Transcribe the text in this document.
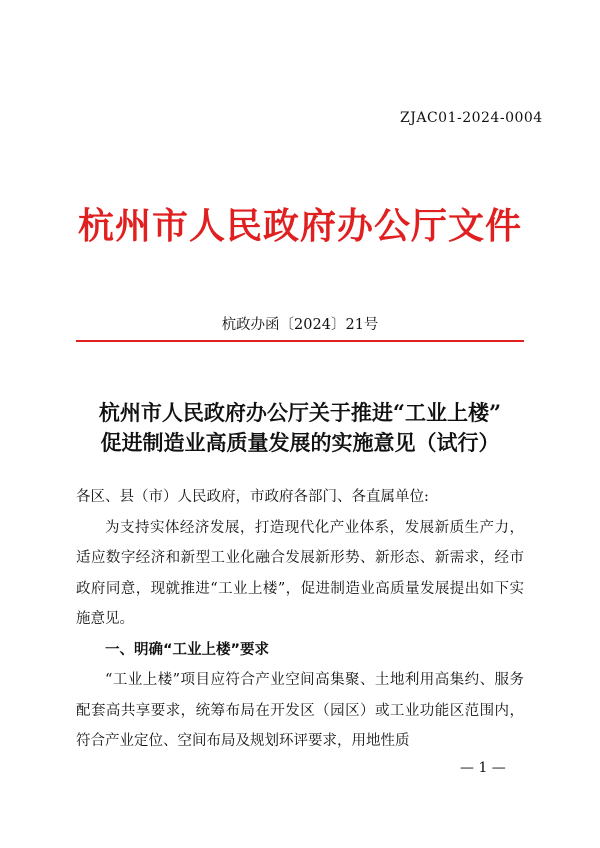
ZJAC01-2024-0004
杭州市人民政府办公厅文件
杭政办函〔2024〕21号
杭州市人民政府办公厅关于推进“工业上楼”
促进制造业高质量发展的实施意见（试行）

各区、县（市）人民政府，市政府各部门、各直属单位:

为支持实体经济发展，打造现代化产业体系，发展新质生产力，适应数字经济和新型工业化融合发展新形势、新形态、新需求，经市政府同意，现就推进“工业上楼”，促进制造业高质量发展提出如下实施意见。

一、明确“工业上楼”要求

“工业上楼”项目应符合产业空间高集聚、土地利用高集约、服务配套高共享要求，统筹布局在开发区（园区）或工业功能区范围内，符合产业定位、空间布局及规划环评要求，用地性质

— 1 —
